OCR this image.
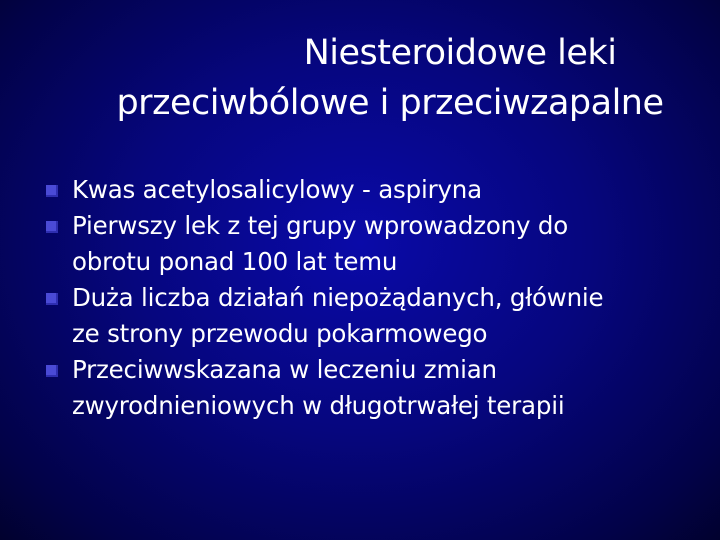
Niesteroidowe leki
przeciwbólowe i przeciwzapalne
Kwas acetylosalicylowy - aspiryna
Pierwszy lek z tej grupy wprowadzony do
obrotu ponad 100 lat temu
Duża liczba działań niepożądanych, głównie
ze strony przewodu pokarmowego
Przeciwwskazana w leczeniu zmian
zwyrodnieniowych w długotrwałej terapii
